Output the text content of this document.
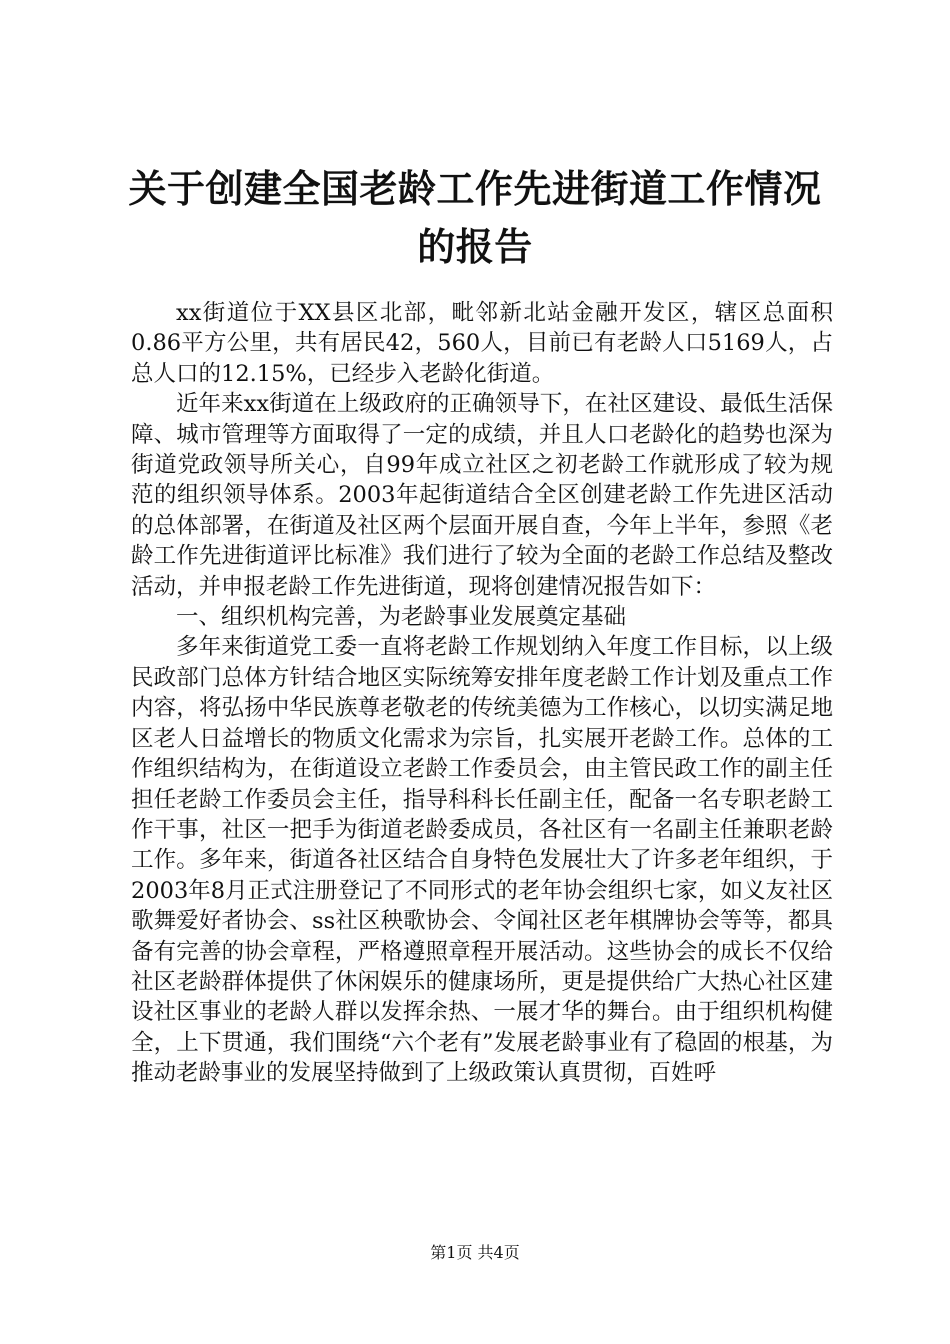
关于创建全国老龄工作先进街道工作情况的报告

xx街道位于XX县区北部，毗邻新北站金融开发区，辖区总面积0.86平方公里，共有居民42，560人，目前已有老龄人口5169人，占总人口的12.15%，已经步入老龄化街道。

近年来xx街道在上级政府的正确领导下，在社区建设、最低生活保障、城市管理等方面取得了一定的成绩，并且人口老龄化的趋势也深为街道党政领导所关心，自99年成立社区之初老龄工作就形成了较为规范的组织领导体系。2003年起街道结合全区创建老龄工作先进区活动的总体部署，在街道及社区两个层面开展自查，今年上半年，参照《老龄工作先进街道评比标准》我们进行了较为全面的老龄工作总结及整改活动，并申报老龄工作先进街道，现将创建情况报告如下：

一、组织机构完善，为老龄事业发展奠定基础

多年来街道党工委一直将老龄工作规划纳入年度工作目标，以上级民政部门总体方针结合地区实际统筹安排年度老龄工作计划及重点工作内容，将弘扬中华民族尊老敬老的传统美德为工作核心，以切实满足地区老人日益增长的物质文化需求为宗旨，扎实展开老龄工作。总体的工作组织结构为，在街道设立老龄工作委员会，由主管民政工作的副主任担任老龄工作委员会主任，指导科科长任副主任，配备一名专职老龄工作干事，社区一把手为街道老龄委成员，各社区有一名副主任兼职老龄工作。多年来，街道各社区结合自身特色发展壮大了许多老年组织，于2003年8月正式注册登记了不同形式的老年协会组织七家，如义友社区歌舞爱好者协会、ss社区秧歌协会、令闻社区老年棋牌协会等等，都具备有完善的协会章程，严格遵照章程开展活动。这些协会的成长不仅给社区老龄群体提供了休闲娱乐的健康场所，更是提供给广大热心社区建设社区事业的老龄人群以发挥余热、一展才华的舞台。由于组织机构健全，上下贯通，我们围绕“六个老有”发展老龄事业有了稳固的根基，为推动老龄事业的发展坚持做到了上级政策认真贯彻，百姓呼

第1页 共4页
